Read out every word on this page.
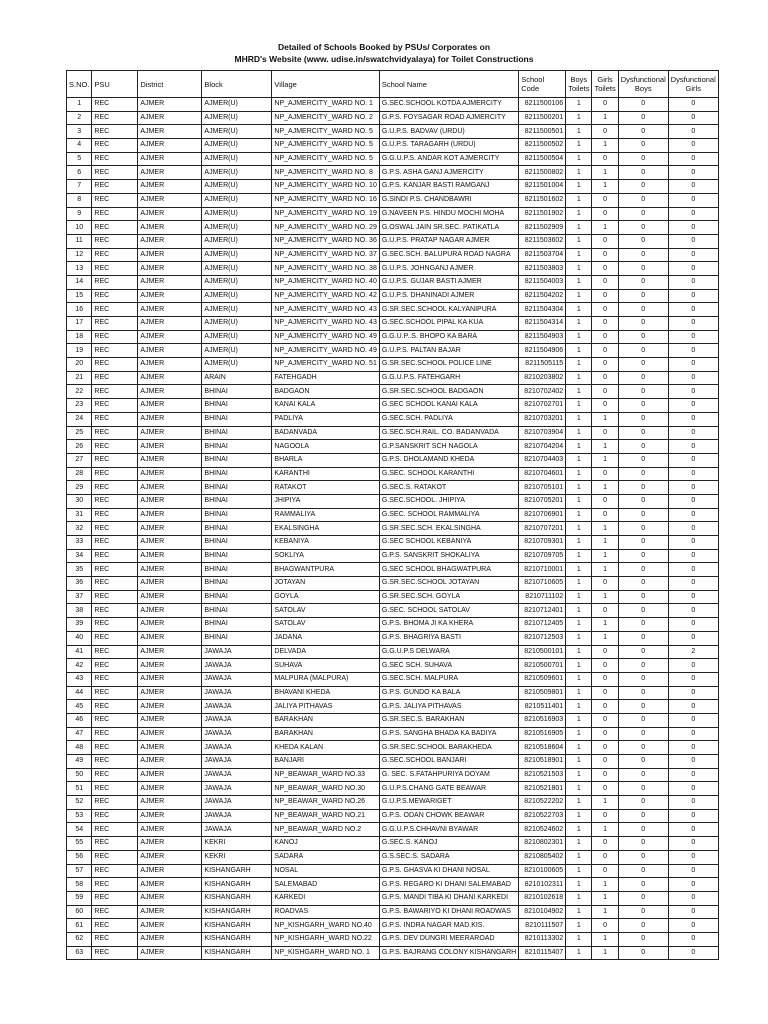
Detailed of Schools Booked by PSUs/ Corporates on
MHRD's Website (www. udise.in/swatchvidyalaya) for Toilet Constructions
S.NO.	PSU	District	Block	Village	School Name	School Code	Boys Toilets	Girls Toilets	Dysfunctional Boys	Dysfunctional Girls
1	REC	AJMER	AJMER(U)	NP_AJMERCITY_WARD NO. 1	G.SEC.SCHOOL KOTDA AJMERCITY	8211500106	1	0	0	0
2	REC	AJMER	AJMER(U)	NP_AJMERCITY_WARD NO. 2	G.P.S. FOYSAGAR ROAD AJMERCITY	8211500201	1	1	0	0
3	REC	AJMER	AJMER(U)	NP_AJMERCITY_WARD NO. 5	G.U.P.S. BADVAV (URDU)	8211500501	1	0	0	0
4	REC	AJMER	AJMER(U)	NP_AJMERCITY_WARD NO. 5	G.U.P.S. TARAGARH (URDU)	8211500502	1	1	0	0
5	REC	AJMER	AJMER(U)	NP_AJMERCITY_WARD NO. 5	G.G.U.P.S. ANDAR KOT AJMERCITY	8211500504	1	0	0	0
6	REC	AJMER	AJMER(U)	NP_AJMERCITY_WARD NO. 8	G.P.S. ASHA GANJ AJMERCITY	8211500802	1	1	0	0
7	REC	AJMER	AJMER(U)	NP_AJMERCITY_WARD NO. 10	G.P.S. KANJAR BASTI RAMGANJ	8211501004	1	1	0	0
8	REC	AJMER	AJMER(U)	NP_AJMERCITY_WARD NO. 16	G.SINDI P.S. CHANDBAWRI	8211501602	1	0	0	0
9	REC	AJMER	AJMER(U)	NP_AJMERCITY_WARD NO. 19	G.NAVEEN P.S. HINDU MOCHI MOHA	8211501902	1	0	0	0
10	REC	AJMER	AJMER(U)	NP_AJMERCITY_WARD NO. 29	G.OSWAL JAIN SR.SEC. PATIKATLA	8211502909	1	1	0	0
11	REC	AJMER	AJMER(U)	NP_AJMERCITY_WARD NO. 36	G.U.P.S. PRATAP NAGAR AJMER	8211503602	1	0	0	0
12	REC	AJMER	AJMER(U)	NP_AJMERCITY_WARD NO. 37	G.SEC.SCH. BALUPURA ROAD NAGRA	8211503704	1	0	0	0
13	REC	AJMER	AJMER(U)	NP_AJMERCITY_WARD NO. 38	G.U.P.S. JOHNGANJ AJMER	8211503803	1	0	0	0
14	REC	AJMER	AJMER(U)	NP_AJMERCITY_WARD NO. 40	G.U.P.S. GUJAR BASTI AJMER	8211504003	1	0	0	0
15	REC	AJMER	AJMER(U)	NP_AJMERCITY_WARD NO. 42	G.U.P.S. DHANINADI AJMER	8211504202	1	0	0	0
16	REC	AJMER	AJMER(U)	NP_AJMERCITY_WARD NO. 43	G.SR.SEC.SCHOOL KALYANIPURA	8211504304	1	0	0	0
17	REC	AJMER	AJMER(U)	NP_AJMERCITY_WARD NO. 43	G.SEC.SCHOOL PIPAL KA KUA	8211504314	1	0	0	0
18	REC	AJMER	AJMER(U)	NP_AJMERCITY_WARD NO. 49	G.G.U.P..S. BHOPO KA BARA	8211504903	1	0	0	0
19	REC	AJMER	AJMER(U)	NP_AJMERCITY_WARD NO. 49	G.U.P.S. PALTAN BAJAR	8211504906	1	0	0	0
20	REC	AJMER	AJMER(U)	NP_AJMERCITY_WARD NO. 51	G.SR.SEC.SCHOOL POLICE LINE	8211505115	1	0	0	0
21	REC	AJMER	ARAIN	FATEHGADH	G.G.U.P.S. FATEHGARH	8210203802	1	0	0	0
22	REC	AJMER	BHINAI	BADGAON	G.SR.SEC.SCHOOL BADGAON	8210702402	1	0	0	0
23	REC	AJMER	BHINAI	KANAI KALA	G.SEC SCHOOL KANAI KALA	8210702701	1	0	0	0
24	REC	AJMER	BHINAI	PADLIYA	G.SEC.SCH. PADLIYA	8210703201	1	1	0	0
25	REC	AJMER	BHINAI	BADANVADA	G.SEC.SCH.RAIL. CO. BADANVADA	8210703904	1	0	0	0
26	REC	AJMER	BHINAI	NAGOOLA	G.P.SANSKRIT SCH NAGOLA	8210704204	1	1	0	0
27	REC	AJMER	BHINAI	BHARLA	G.P.S. DHOLAMAND KHEDA	8210704403	1	1	0	0
28	REC	AJMER	BHINAI	KARANTHI	G.SEC. SCHOOL KARANTHI	8210704601	1	0	0	0
29	REC	AJMER	BHINAI	RATAKOT	G.SEC.S. RATAKOT	8210705101	1	1	0	0
30	REC	AJMER	BHINAI	JHIPIYA	G.SEC.SCHOOL. JHIPIYA	8210705201	1	0	0	0
31	REC	AJMER	BHINAI	RAMMALIYA	G.SEC. SCHOOL RAMMALIYA	8210706901	1	0	0	0
32	REC	AJMER	BHINAI	EKALSINGHA	G.SR.SEC.SCH. EKALSINGHA	8210707201	1	1	0	0
33	REC	AJMER	BHINAI	KEBANIYA	G.SEC SCHOOL KEBANIYA	8210709301	1	1	0	0
34	REC	AJMER	BHINAI	SOKLIYA	G.P.S. SANSKRIT SHOKALIYA	8210709705	1	1	0	0
35	REC	AJMER	BHINAI	BHAGWANTPURA	G.SEC SCHOOL BHAGWATPURA	8210710001	1	1	0	0
36	REC	AJMER	BHINAI	JOTAYAN	G.SR.SEC.SCHOOL JOTAYAN	8210710605	1	0	0	0
37	REC	AJMER	BHINAI	GOYLA	G.SR.SEC.SCH. GOYLA	8210711102	1	1	0	0
38	REC	AJMER	BHINAI	SATOLAV	G.SEC. SCHOOL SATOLAV	8210712401	1	0	0	0
39	REC	AJMER	BHINAI	SATOLAV	G.P.S. BHOMA JI KA KHERA	8210712405	1	1	0	0
40	REC	AJMER	BHINAI	JADANA	G.P.S. BHAGRIYA BASTI	8210712503	1	1	0	0
41	REC	AJMER	JAWAJA	DELVADA	G.G.U.P.S DELWARA	8210500101	1	0	0	2
42	REC	AJMER	JAWAJA	SUHAVA	G.SEC SCH. SUHAVA	8210500701	1	0	0	0
43	REC	AJMER	JAWAJA	MALPURA (MALPURA)	G.SEC.SCH. MALPURA	8210509601	1	0	0	0
44	REC	AJMER	JAWAJA	BHAVANI KHEDA	G.P.S. GUNDO KA BALA	8210509801	1	0	0	0
45	REC	AJMER	JAWAJA	JALIYA PITHAVAS	G.P.S. JALIYA PITHAVAS	8210511401	1	0	0	0
46	REC	AJMER	JAWAJA	BARAKHAN	G.SR.SEC.S. BARAKHAN	8210516903	1	0	0	0
47	REC	AJMER	JAWAJA	BARAKHAN	G.P.S. SANGHA BHADA KA BADIYA	8210516905	1	0	0	0
48	REC	AJMER	JAWAJA	KHEDA KALAN	G.SR.SEC.SCHOOL BARAKHEDA	8210518604	1	0	0	0
49	REC	AJMER	JAWAJA	BANJARI	G.SEC.SCHOOL BANJARI	8210518901	1	0	0	0
50	REC	AJMER	JAWAJA	NP_BEAWAR_WARD NO.33	G. SEC. S.FATAHPURIYA DOYAM	8210521503	1	0	0	0
51	REC	AJMER	JAWAJA	NP_BEAWAR_WARD NO.30	G.U.P.S.CHANG GATE BEAWAR	8210521801	1	0	0	0
52	REC	AJMER	JAWAJA	NP_BEAWAR_WARD NO.26	G.U.P.S.MEWARIGET	8210522202	1	1	0	0
53	REC	AJMER	JAWAJA	NP_BEAWAR_WARD NO.21	G.P.S. ODAN CHOWK BEAWAR	8210522703	1	0	0	0
54	REC	AJMER	JAWAJA	NP_BEAWAR_WARD NO.2	G.G.U.P.S.CHHAVNI BYAWAR	8210524602	1	1	0	0
55	REC	AJMER	KEKRI	KANOJ	G.SEC.S. KANOJ	8210802301	1	0	0	0
56	REC	AJMER	KEKRI	SADARA	G.S.SEC.S. SADARA	8210805402	1	0	0	0
57	REC	AJMER	KISHANGARH	NOSAL	G.P.S. GHASVA KI DHANI NOSAL	8210100605	1	0	0	0
58	REC	AJMER	KISHANGARH	SALEMABAD	G.P.S. REGARO KI DHANI SALEMABAD	8210102311	1	1	0	0
59	REC	AJMER	KISHANGARH	KARKEDI	G.P.S. MANDI TIBA KI DHANI KARKEDI	8210102618	1	1	0	0
60	REC	AJMER	KISHANGARH	ROADVAS	G.P.S. BAWARIYO KI DHANI ROADWAS	8210104902	1	1	0	0
61	REC	AJMER	KISHANGARH	NP_KISHGARH_WARD NO.40	G.P.S. INDRA NAGAR MAD.KIS.	8210111507	1	0	0	0
62	REC	AJMER	KISHANGARH	NP_KISHGARH_WARD NO.22	G.P.S. DEV DUNGRI MEERAROAD	8210113302	1	1	0	0
63	REC	AJMER	KISHANGARH	NP_KISHGARH_WARD NO. 1	G.P.S. BAJRANG COLONY KISHANGARH	8210115407	1	1	0	0
